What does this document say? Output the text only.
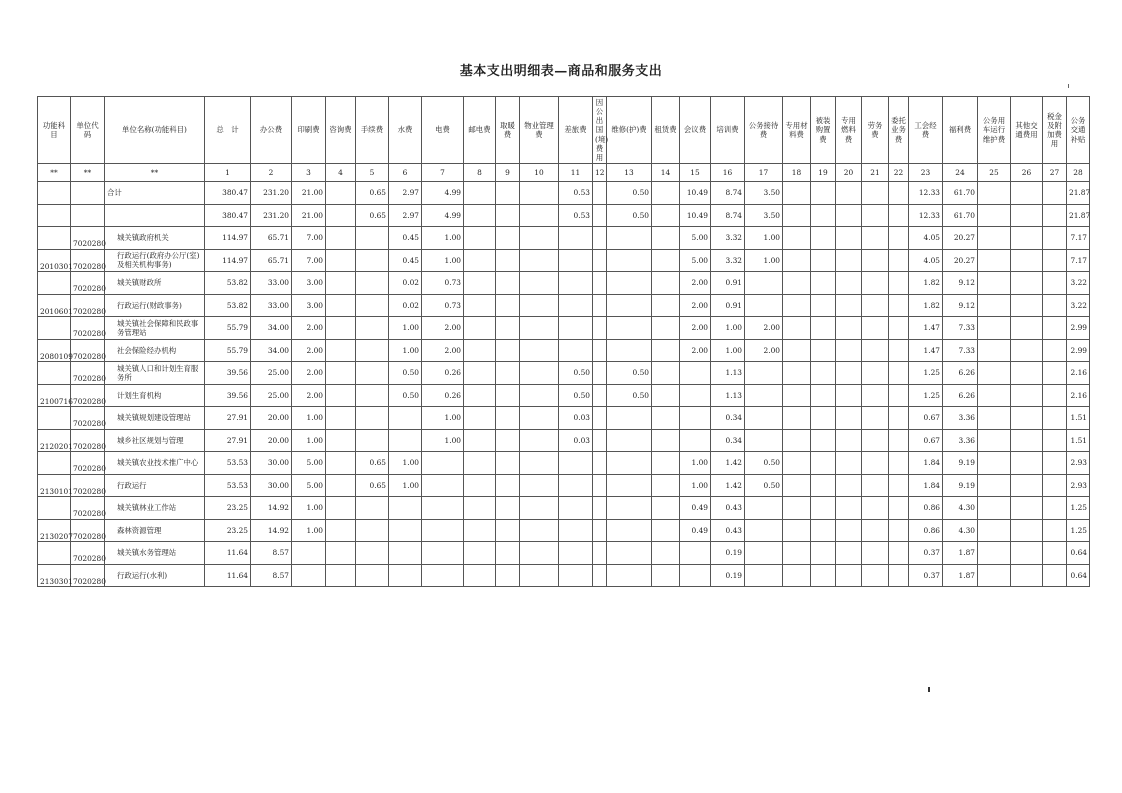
基本支出明细表—商品和服务支出
功能科目	单位代码	单位名称(功能科目)	总　计	办公费	印刷费	咨询费	手续费	水费	电费	邮电费	取暖费	物业管理费	差旅费	因公出国(境)费用	维修(护)费	租赁费	会议费	培训费	公务接待费	专用材料费	被装购置费	专用燃料费	劳务费	委托业务费	工会经费	福利费	公务用车运行维护费	其他交通费用	税金及附加费用	公务交通补贴
**	**	**	1	2	3	4	5	6	7	8	9	10	11	12	13	14	15	16	17	18	19	20	21	22	23	24	25	26	27	28
		合计	380.47	231.20	21.00		0.65	2.97	4.99				0.53		0.50		10.49	8.74	3.50						12.33	61.70				21.87
			380.47	231.20	21.00		0.65	2.97	4.99				0.53		0.50		10.49	8.74	3.50						12.33	61.70				21.87
	7020280	城关镇政府机关	114.97	65.71	7.00			0.45	1.00								5.00	3.32	1.00						4.05	20.27				7.17
2010301	7020280	行政运行(政府办公厅(室)及相关机构事务)	114.97	65.71	7.00			0.45	1.00								5.00	3.32	1.00						4.05	20.27				7.17
	7020280	城关镇财政所	53.82	33.00	3.00			0.02	0.73								2.00	0.91							1.82	9.12				3.22
2010601	7020280	行政运行(财政事务)	53.82	33.00	3.00			0.02	0.73								2.00	0.91							1.82	9.12				3.22
	7020280	城关镇社会保障和民政事务管理站	55.79	34.00	2.00			1.00	2.00								2.00	1.00	2.00						1.47	7.33				2.99
2080109	7020280	社会保险经办机构	55.79	34.00	2.00			1.00	2.00								2.00	1.00	2.00						1.47	7.33				2.99
	7020280	城关镇人口和计划生育服务所	39.56	25.00	2.00			0.50	0.26				0.50		0.50			1.13							1.25	6.26				2.16
2100716	7020280	计划生育机构	39.56	25.00	2.00			0.50	0.26				0.50		0.50			1.13							1.25	6.26				2.16
	7020280	城关镇规划建设管理站	27.91	20.00	1.00				1.00				0.03					0.34							0.67	3.36				1.51
2120201	7020280	城乡社区规划与管理	27.91	20.00	1.00				1.00				0.03					0.34							0.67	3.36				1.51
	7020280	城关镇农业技术推广中心	53.53	30.00	5.00		0.65	1.00									1.00	1.42	0.50						1.84	9.19				2.93
2130101	7020280	行政运行	53.53	30.00	5.00		0.65	1.00									1.00	1.42	0.50						1.84	9.19				2.93
	7020280	城关镇林业工作站	23.25	14.92	1.00												0.49	0.43							0.86	4.30				1.25
2130207	7020280	森林资源管理	23.25	14.92	1.00												0.49	0.43							0.86	4.30				1.25
	7020280	城关镇水务管理站	11.64	8.57														0.19							0.37	1.87				0.64
2130301	7020280	行政运行(水利)	11.64	8.57														0.19							0.37	1.87				0.64
